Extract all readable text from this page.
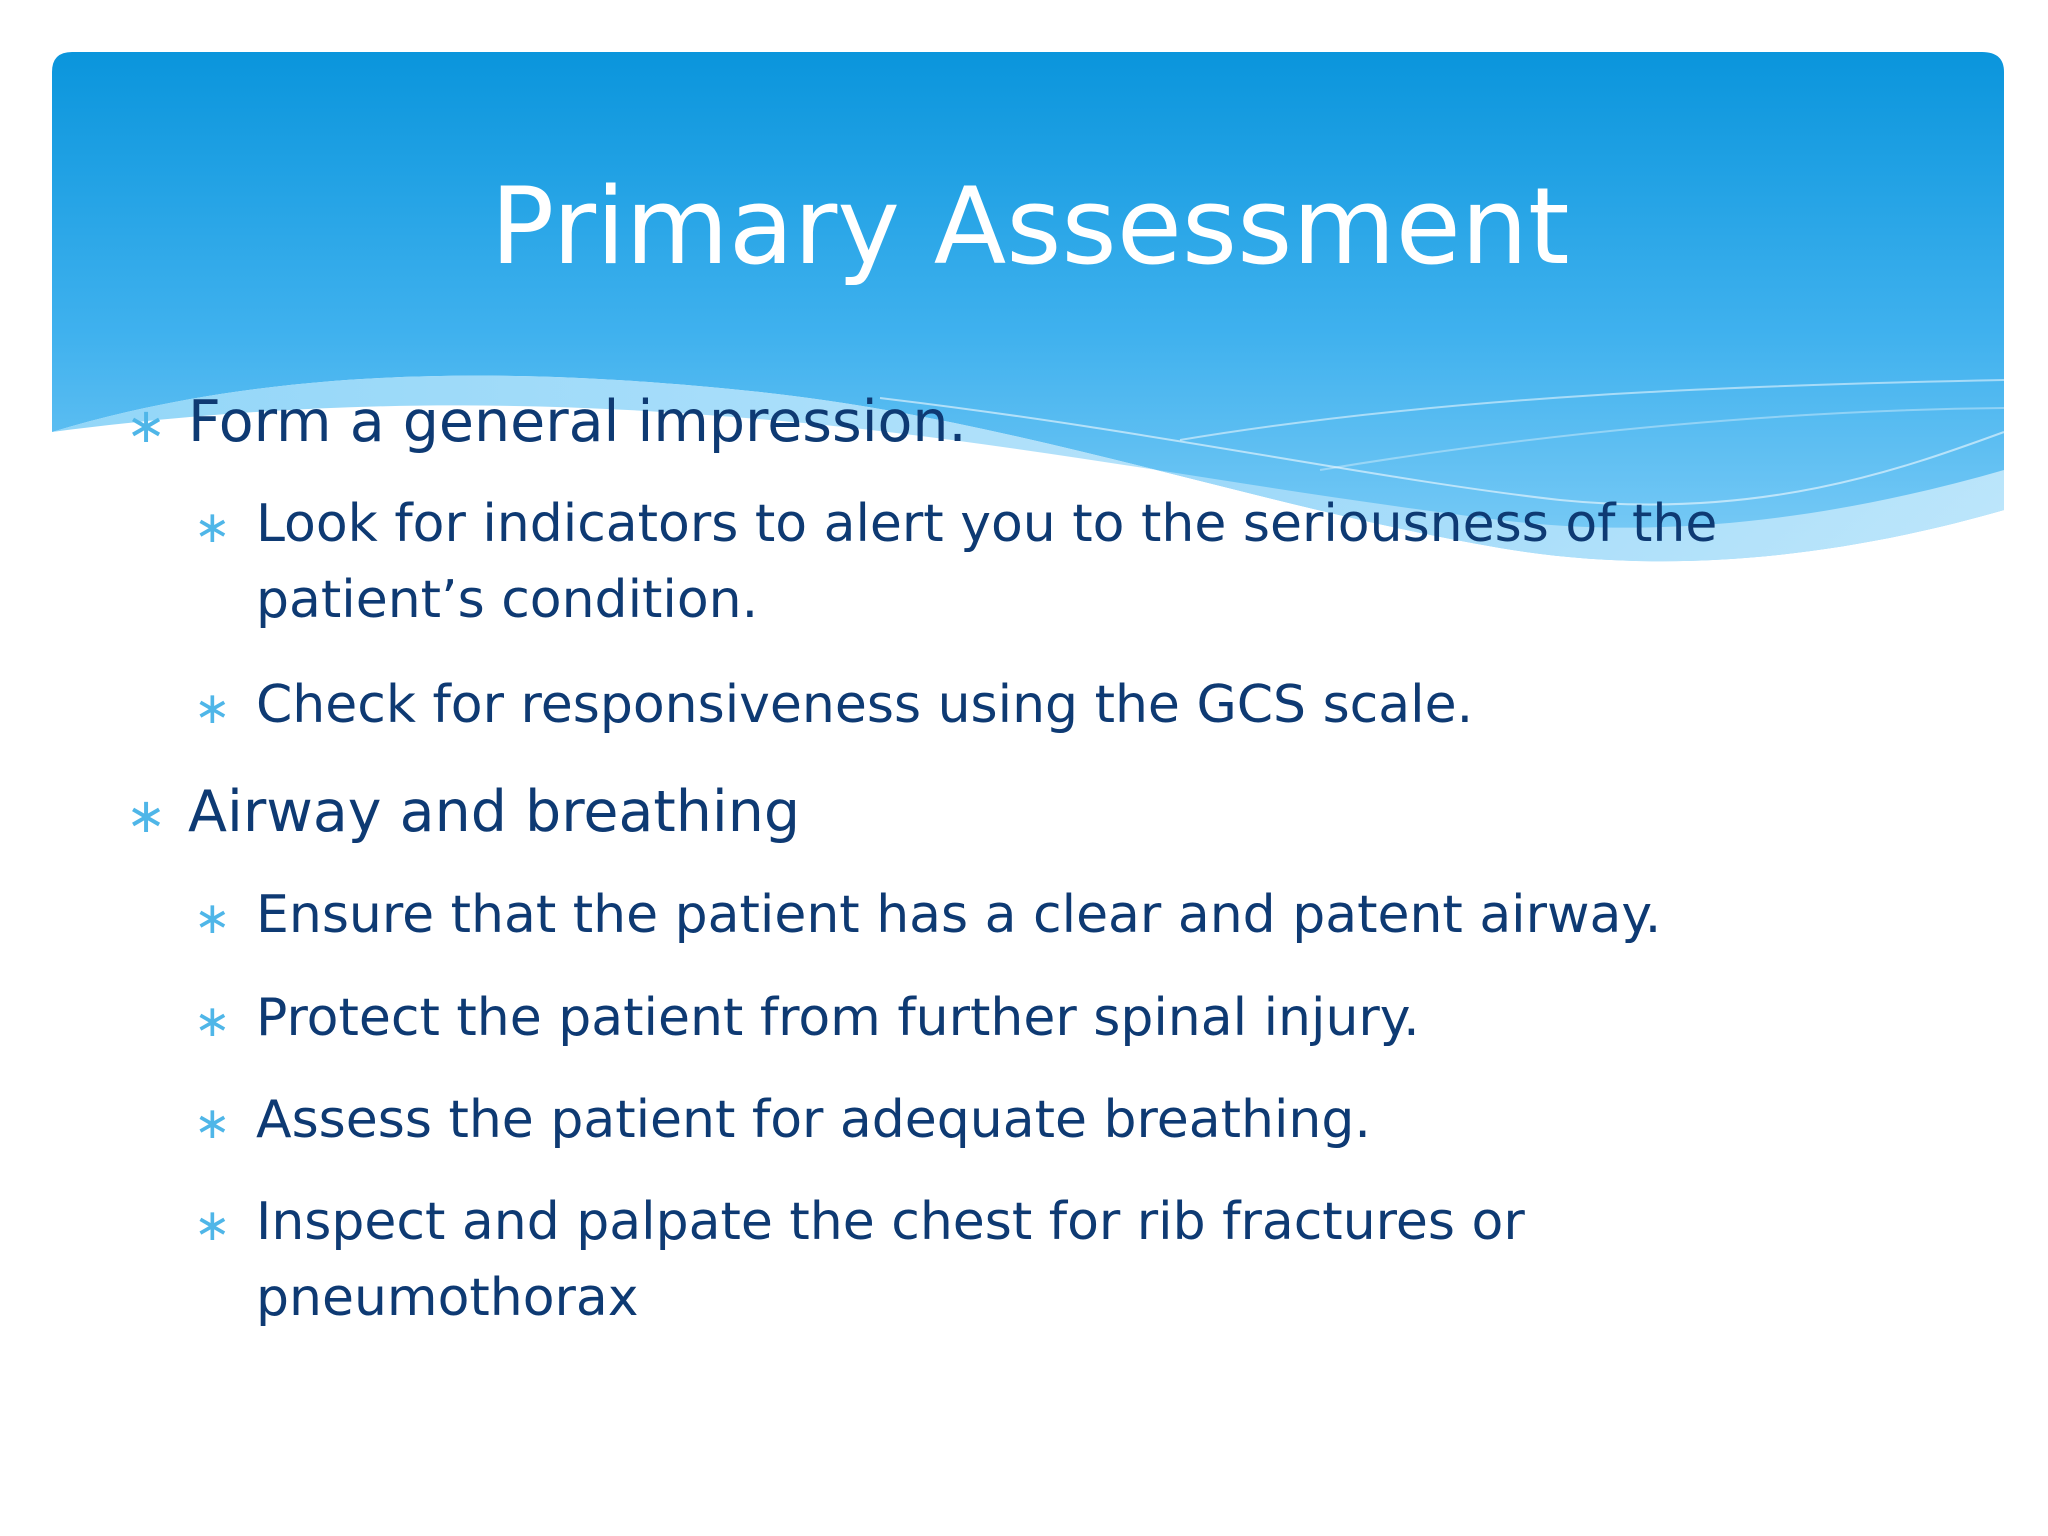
Primary Assessment
∗ Form a general impression.
∗ Look for indicators to alert you to the seriousness of the patient’s condition.
∗ Check for responsiveness using the GCS scale.
∗ Airway and breathing
∗ Ensure that the patient has a clear and patent airway.
∗ Protect the patient from further spinal injury.
∗ Assess the patient for adequate breathing.
∗ Inspect and palpate the chest for rib fractures or pneumothorax
